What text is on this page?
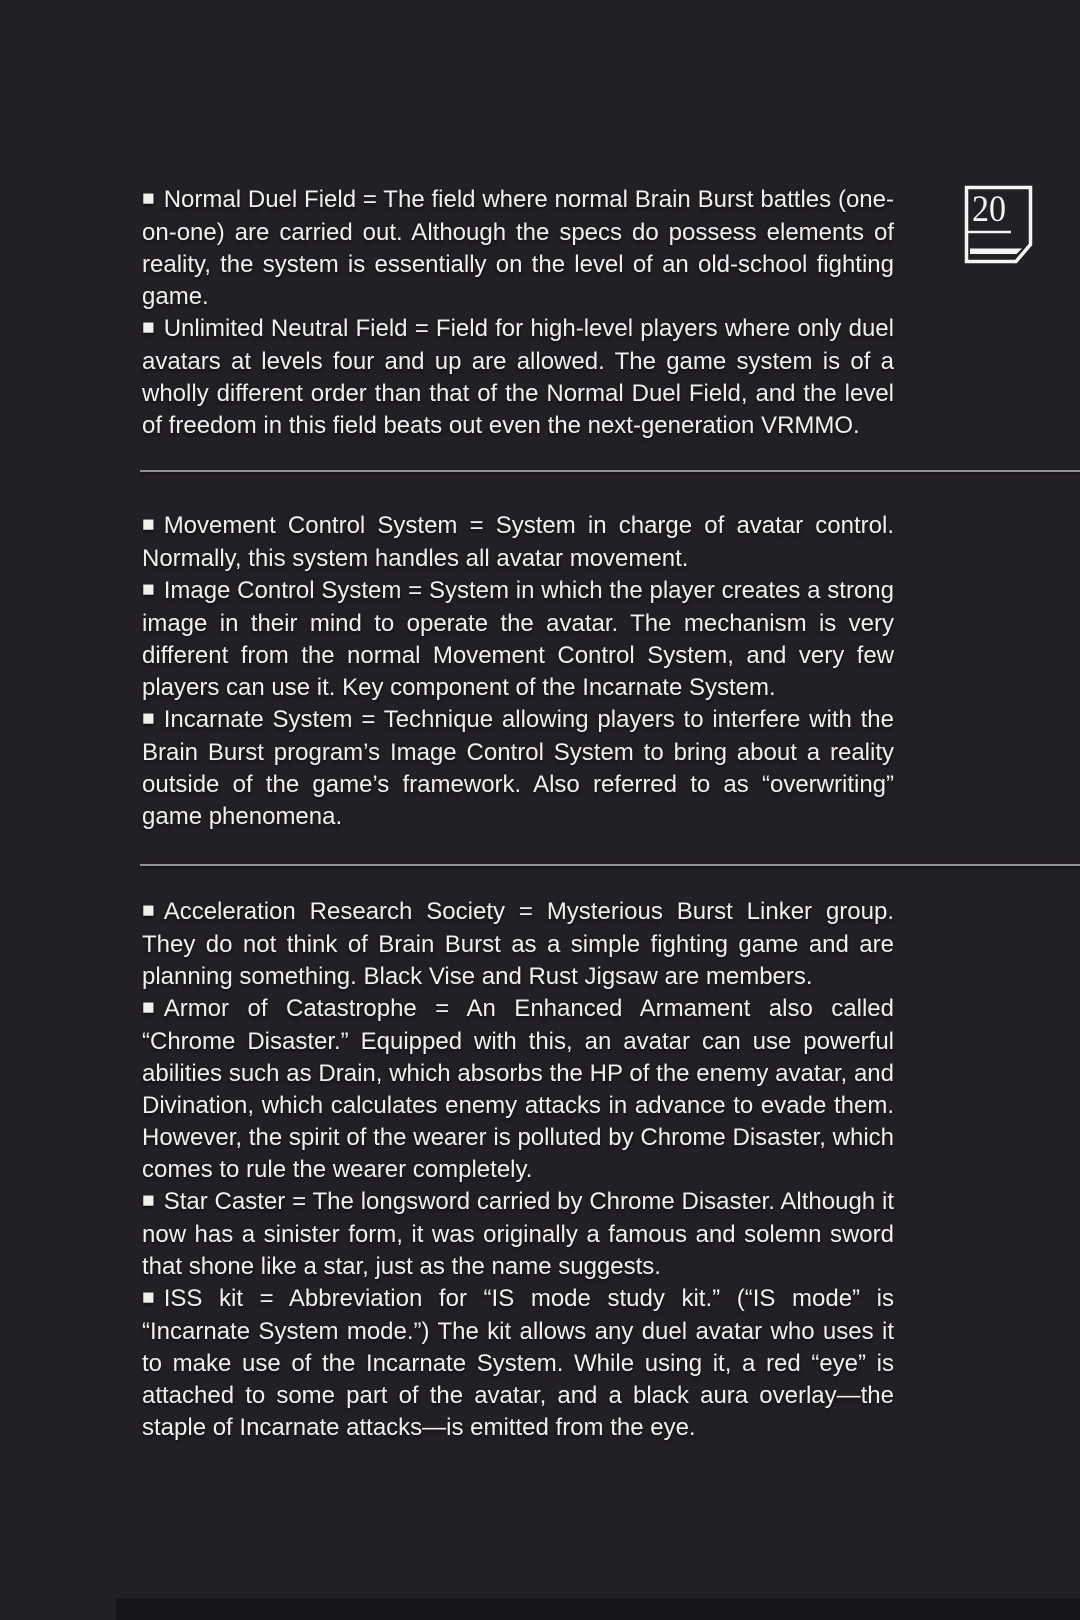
20

■ Normal Duel Field = The field where normal Brain Burst battles (one-on-one) are carried out. Although the specs do possess elements of reality, the system is essentially on the level of an old-school fighting game.

■ Unlimited Neutral Field = Field for high-level players where only duel avatars at levels four and up are allowed. The game system is of a wholly different order than that of the Normal Duel Field, and the level of freedom in this field beats out even the next-generation VRMMO.

■ Movement Control System = System in charge of avatar control. Normally, this system handles all avatar movement.

■ Image Control System = System in which the player creates a strong image in their mind to operate the avatar. The mechanism is very different from the normal Movement Control System, and very few players can use it. Key component of the Incarnate System.

■ Incarnate System = Technique allowing players to interfere with the Brain Burst program’s Image Control System to bring about a reality outside of the game’s framework. Also referred to as “overwriting” game phenomena.

■ Acceleration Research Society = Mysterious Burst Linker group. They do not think of Brain Burst as a simple fighting game and are planning something. Black Vise and Rust Jigsaw are members.

■ Armor of Catastrophe = An Enhanced Armament also called “Chrome Disaster.” Equipped with this, an avatar can use powerful abilities such as Drain, which absorbs the HP of the enemy avatar, and Divination, which calculates enemy attacks in advance to evade them. However, the spirit of the wearer is polluted by Chrome Disaster, which comes to rule the wearer completely.

■ Star Caster = The longsword carried by Chrome Disaster. Although it now has a sinister form, it was originally a famous and solemn sword that shone like a star, just as the name suggests.

■ ISS kit = Abbreviation for “IS mode study kit.” (“IS mode” is “Incarnate System mode.”) The kit allows any duel avatar who uses it to make use of the Incarnate System. While using it, a red “eye” is attached to some part of the avatar, and a black aura overlay—the staple of Incarnate attacks—is emitted from the eye.
